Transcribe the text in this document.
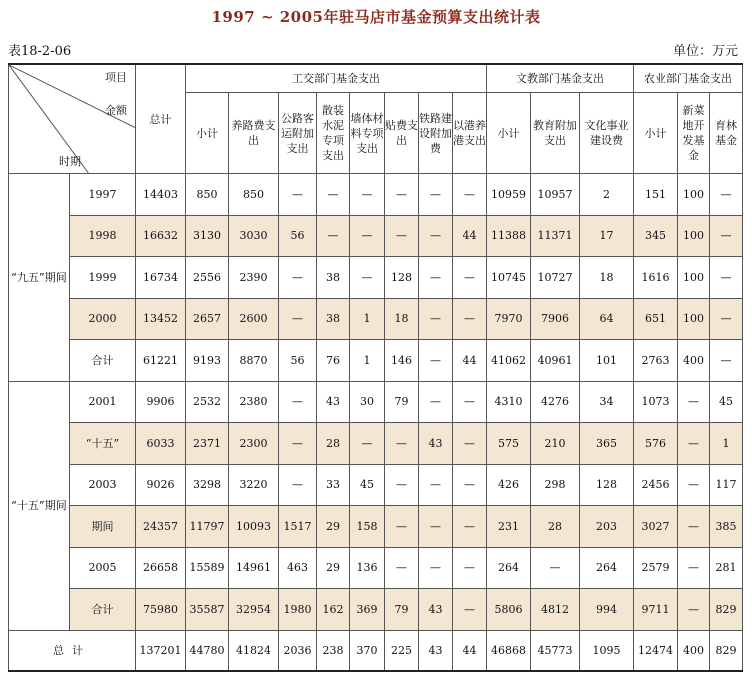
1997 ~ 2005年驻马店市基金预算支出统计表
表18-2-06	单位：万元
项目
金额
时期		总计	工交部门基金支出								文教部门基金支出			农业部门基金支出		
			小计	养路费支出	公路客运附加支出	散装水泥专项支出	墙体材料专项支出	贴费支出	铁路建设附加费	以港养港支出	小计	教育附加支出	文化事业建设费	小计	新菜地开发基金	育林基金
“九五”期间	1997	14403	850	850	—	—	—	—	—	—	10959	10957	2	151	100	—
	1998	16632	3130	3030	56	—	—	—	—	44	11388	11371	17	345	100	—
	1999	16734	2556	2390	—	38	—	128	—	—	10745	10727	18	1616	100	—
	2000	13452	2657	2600	—	38	1	18	—	—	7970	7906	64	651	100	—
	合计	61221	9193	8870	56	76	1	146	—	44	41062	40961	101	2763	400	—
“十五”期间	2001	9906	2532	2380	—	43	30	79	—	—	4310	4276	34	1073	—	45
	“十五”	6033	2371	2300	—	28	—	—	43	—	575	210	365	576	—	1
	2003	9026	3298	3220	—	33	45	—	—	—	426	298	128	2456	—	117
	期间	24357	11797	10093	1517	29	158	—	—	—	231	28	203	3027	—	385
	2005	26658	15589	14961	463	29	136	—	—	—	264	—	264	2579	—	281
	合计	75980	35587	32954	1980	162	369	79	43	—	5806	4812	994	9711	—	829
总计		137201	44780	41824	2036	238	370	225	43	44	46868	45773	1095	12474	400	829
